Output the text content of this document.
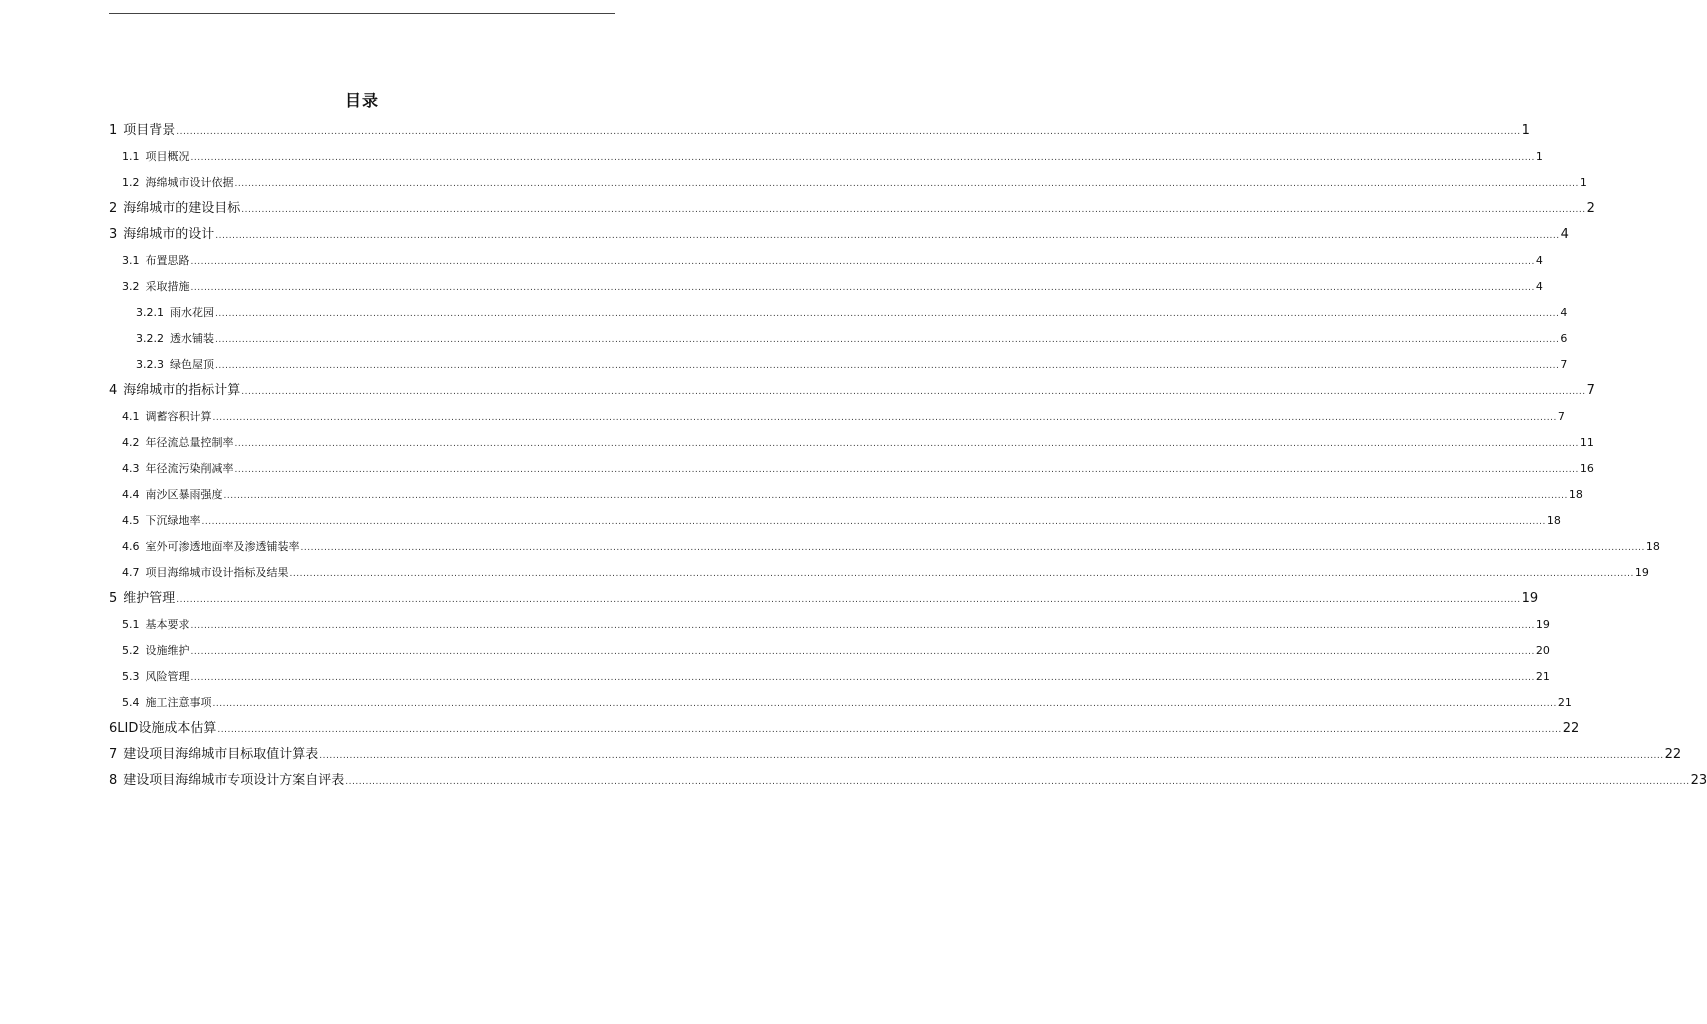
目录
1 项目背景 ................................................................................................................................................................................................................................................................................................................................................................................................................ 1
1.1 项目概况 ................................................................................................................................................................................................................................................................................................................................................................................................................ 1
1.2 海绵城市设计依据 ................................................................................................................................................................................................................................................................................................................................................................................................................ 1
2 海绵城市的建设目标 ................................................................................................................................................................................................................................................................................................................................................................................................................ 2
3 海绵城市的设计 ................................................................................................................................................................................................................................................................................................................................................................................................................ 4
3.1 布置思路 ................................................................................................................................................................................................................................................................................................................................................................................................................ 4
3.2 采取措施 ................................................................................................................................................................................................................................................................................................................................................................................................................ 4
3.2.1 雨水花园 ................................................................................................................................................................................................................................................................................................................................................................................................................ 4
3.2.2 透水铺装 ................................................................................................................................................................................................................................................................................................................................................................................................................ 6
3.2.3 绿色屋顶 ................................................................................................................................................................................................................................................................................................................................................................................................................ 7
4 海绵城市的指标计算 ................................................................................................................................................................................................................................................................................................................................................................................................................ 7
4.1 调蓄容积计算 ................................................................................................................................................................................................................................................................................................................................................................................................................ 7
4.2 年径流总量控制率 ................................................................................................................................................................................................................................................................................................................................................................................................................ 11
4.3 年径流污染削减率 ................................................................................................................................................................................................................................................................................................................................................................................................................ 16
4.4 南沙区暴雨强度 ................................................................................................................................................................................................................................................................................................................................................................................................................ 18
4.5 下沉绿地率 ................................................................................................................................................................................................................................................................................................................................................................................................................ 18
4.6 室外可渗透地面率及渗透铺装率 ................................................................................................................................................................................................................................................................................................................................................................................................................ 18
4.7 项目海绵城市设计指标及结果 ................................................................................................................................................................................................................................................................................................................................................................................................................ 19
5 维护管理 ................................................................................................................................................................................................................................................................................................................................................................................................................ 19
5.1 基本要求 ................................................................................................................................................................................................................................................................................................................................................................................................................ 19
5.2 设施维护 ................................................................................................................................................................................................................................................................................................................................................................................................................ 20
5.3 风险管理 ................................................................................................................................................................................................................................................................................................................................................................................................................ 21
5.4 施工注意事项 ................................................................................................................................................................................................................................................................................................................................................................................................................ 21
6 LID设施成本估算 ................................................................................................................................................................................................................................................................................................................................................................................................................ 22
7 建设项目海绵城市目标取值计算表 ................................................................................................................................................................................................................................................................................................................................................................................................................ 22
8 建设项目海绵城市专项设计方案自评表 ................................................................................................................................................................................................................................................................................................................................................................................................................ 23
